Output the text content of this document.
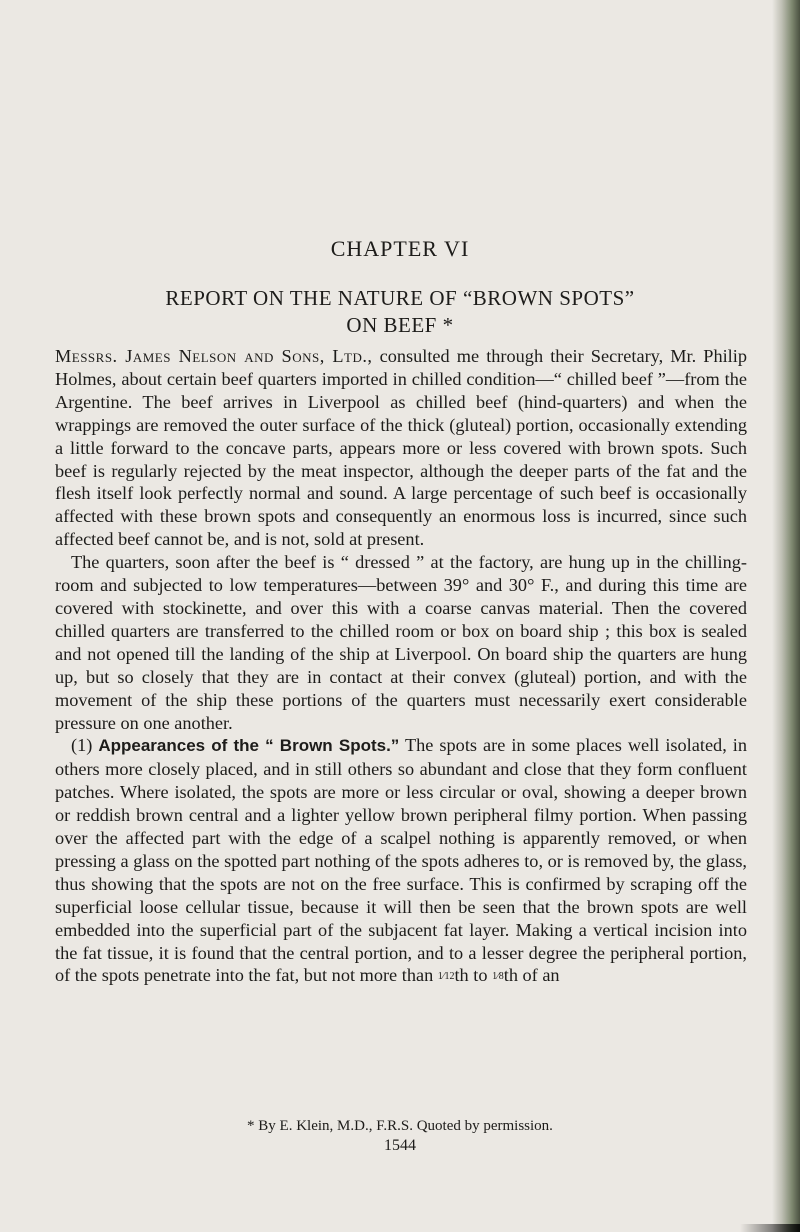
CHAPTER VI
REPORT ON THE NATURE OF “BROWN SPOTS”
ON BEEF *

Messrs. James Nelson and Sons, Ltd., consulted me through their Secretary, Mr. Philip Holmes, about certain beef quarters imported in chilled condition—“ chilled beef ”—from the Argentine. The beef arrives in Liverpool as chilled beef (hind-quarters) and when the wrappings are removed the outer surface of the thick (gluteal) portion, occasionally extending a little forward to the concave parts, appears more or less covered with brown spots. Such beef is regularly rejected by the meat inspector, although the deeper parts of the fat and the flesh itself look perfectly normal and sound. A large percentage of such beef is occasionally affected with these brown spots and consequently an enormous loss is incurred, since such affected beef cannot be, and is not, sold at present.

The quarters, soon after the beef is “ dressed ” at the factory, are hung up in the chilling-room and subjected to low temperatures—between 39° and 30° F., and during this time are covered with stockinette, and over this with a coarse canvas material. Then the covered chilled quarters are transferred to the chilled room or box on board ship ; this box is sealed and not opened till the landing of the ship at Liverpool. On board ship the quarters are hung up, but so closely that they are in contact at their convex (gluteal) portion, and with the movement of the ship these portions of the quarters must necessarily exert considerable pressure on one another.

(1) Appearances of the “ Brown Spots.” The spots are in some places well isolated, in others more closely placed, and in still others so abundant and close that they form confluent patches. Where isolated, the spots are more or less circular or oval, showing a deeper brown or reddish brown central and a lighter yellow brown peripheral filmy portion. When passing over the affected part with the edge of a scalpel nothing is apparently removed, or when pressing a glass on the spotted part nothing of the spots adheres to, or is removed by, the glass, thus showing that the spots are not on the free surface. This is confirmed by scraping off the superficial loose cellular tissue, because it will then be seen that the brown spots are well embedded into the superficial part of the subjacent fat layer. Making a vertical incision into the fat tissue, it is found that the central portion, and to a lesser degree the peripheral portion, of the spots penetrate into the fat, but not more than 1⁄12th to 1⁄8th of an

* By E. Klein, M.D., F.R.S. Quoted by permission.
1544
